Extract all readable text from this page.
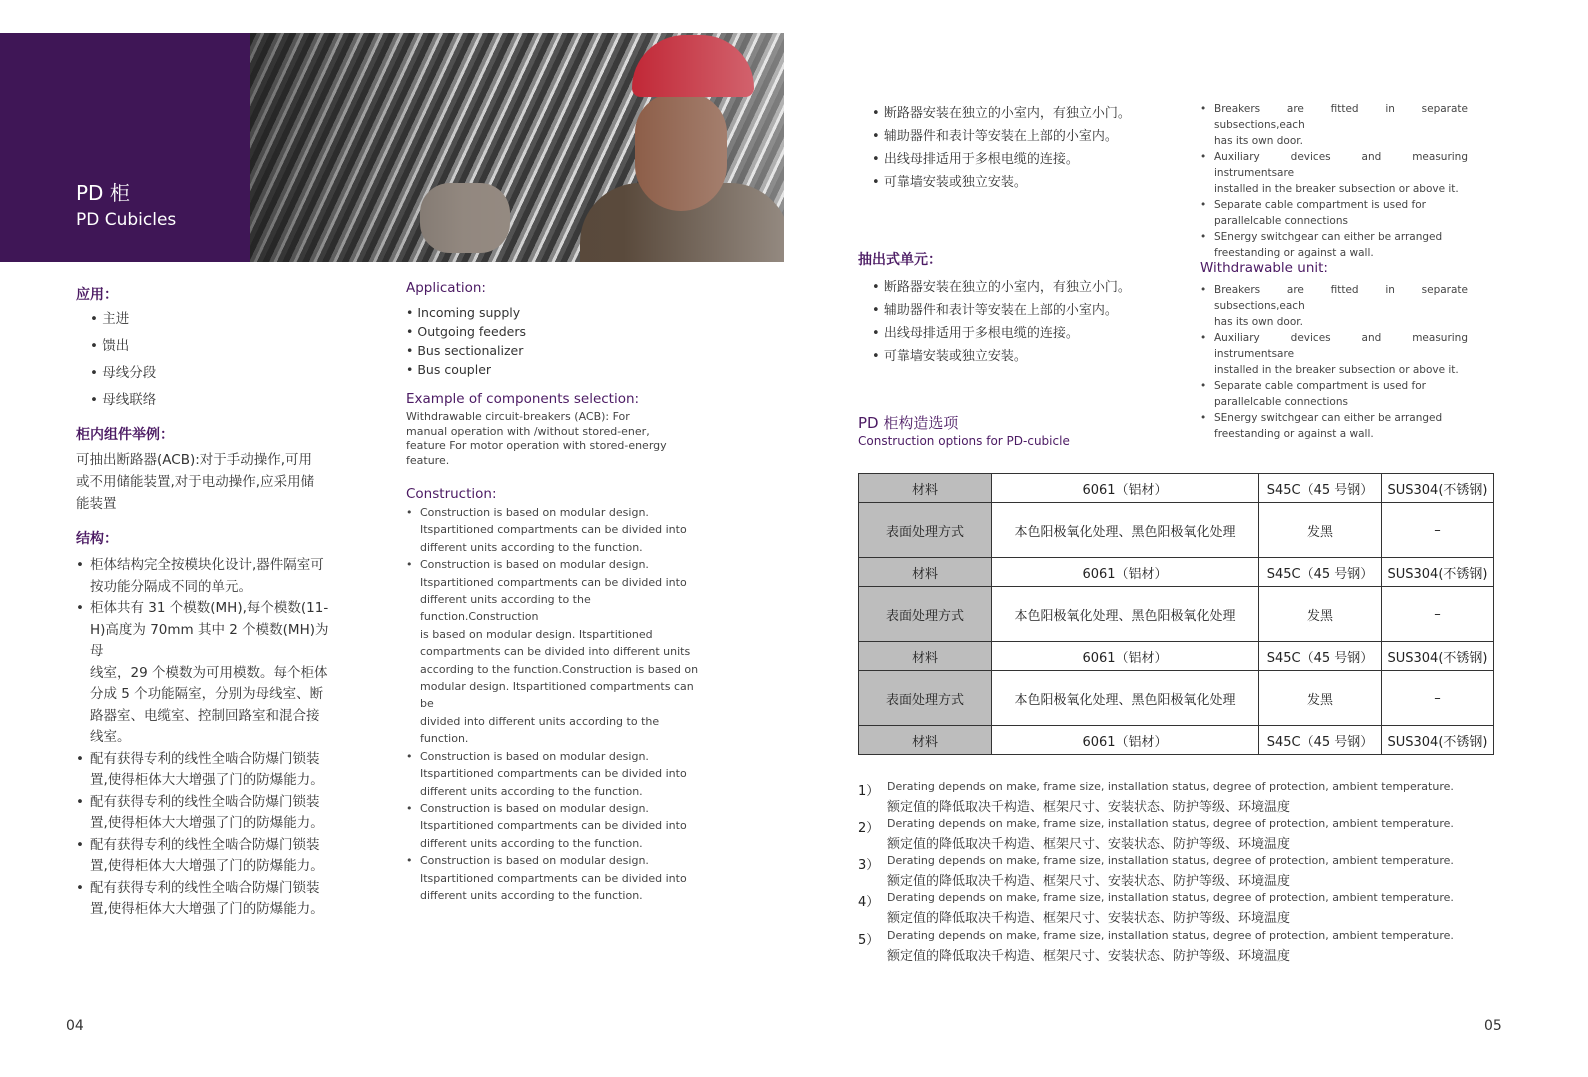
PD 柜
PD Cubicles
应用：
• 主进
• 馈出
• 母线分段
• 母线联络
柜内组件举例：
可抽出断路器(ACB):对于手动操作,可用
或不用储能装置,对于电动操作,应采用储
能装置
结构：
• 柜体结构完全按模块化设计,器件隔室可
按功能分隔成不同的单元。
• 柜体共有 31 个模数(MH),每个模数(11-
H)高度为 70mm 其中 2 个模数(MH)为母
线室，29 个模数为可用模数。每个柜体
分成 5 个功能隔室，分别为母线室、断
路器室、电缆室、控制回路室和混合接
线室。
• 配有获得专利的线性全啮合防爆门锁装
置,使得柜体大大增强了门的防爆能力。
• 配有获得专利的线性全啮合防爆门锁装
置,使得柜体大大增强了门的防爆能力。
• 配有获得专利的线性全啮合防爆门锁装
置,使得柜体大大增强了门的防爆能力。
• 配有获得专利的线性全啮合防爆门锁装
置,使得柜体大大增强了门的防爆能力。
Application:
• Incoming supply
• Outgoing feeders
• Bus sectionalizer
• Bus coupler
Example of components selection:
Withdrawable circuit-breakers (ACB): For
manual operation with /without stored-ener,
feature For motor operation with stored-energy
feature.
Construction:
• Construction is based on modular design.
Itspartitioned compartments can be divided into
different units according to the function.
• Construction is based on modular design.
Itspartitioned compartments can be divided into
different units according to the function.Construction
is based on modular design. Itspartitioned
compartments can be divided into different units
according to the function.Construction is based on
modular design. Itspartitioned compartments can be
divided into different units according to the function.
• Construction is based on modular design.
Itspartitioned compartments can be divided into
different units according to the function.
• Construction is based on modular design.
Itspartitioned compartments can be divided into
different units according to the function.
• Construction is based on modular design.
Itspartitioned compartments can be divided into
different units according to the function.
• 断路器安装在独立的小室内，有独立小门。
• 辅助器件和表计等安装在上部的小室内。
• 出线母排适用于多根电缆的连接。
• 可靠墙安装或独立安装。
• Breakers are fitted in separate subsections,each
has its own door.
• Auxiliary devices and measuring instrumentsare
installed in the breaker subsection or above it.
• Separate cable compartment is used for
parallelcable connections
• SEnergy switchgear can either be arranged
freestanding or against a wall.
抽出式单元：
• 断路器安装在独立的小室内，有独立小门。
• 辅助器件和表计等安装在上部的小室内。
• 出线母排适用于多根电缆的连接。
• 可靠墙安装或独立安装。
Withdrawable unit:
• Breakers are fitted in separate subsections,each
has its own door.
• Auxiliary devices and measuring instrumentsare
installed in the breaker subsection or above it.
• Separate cable compartment is used for
parallelcable connections
• SEnergy switchgear can either be arranged
freestanding or against a wall.
PD 柜构造选项
Construction options for PD-cubicle
材料	6061（铝材）	S45C（45 号钢）	SUS304(不锈钢)
表面处理方式	本色阳极氧化处理、黑色阳极氧化处理	发黑	–
材料	6061（铝材）	S45C（45 号钢）	SUS304(不锈钢)
表面处理方式	本色阳极氧化处理、黑色阳极氧化处理	发黑	–
材料	6061（铝材）	S45C（45 号钢）	SUS304(不锈钢)
表面处理方式	本色阳极氧化处理、黑色阳极氧化处理	发黑	–
材料	6061（铝材）	S45C（45 号钢）	SUS304(不锈钢)
1） Derating depends on make, frame size, installation status, degree of protection, ambient temperature.
额定值的降低取决千构造、框架尺寸、安装状态、防护等级、环境温度
2） Derating depends on make, frame size, installation status, degree of protection, ambient temperature.
额定值的降低取决千构造、框架尺寸、安装状态、防护等级、环境温度
3） Derating depends on make, frame size, installation status, degree of protection, ambient temperature.
额定值的降低取决千构造、框架尺寸、安装状态、防护等级、环境温度
4） Derating depends on make, frame size, installation status, degree of protection, ambient temperature.
额定值的降低取决千构造、框架尺寸、安装状态、防护等级、环境温度
5） Derating depends on make, frame size, installation status, degree of protection, ambient temperature.
额定值的降低取决千构造、框架尺寸、安装状态、防护等级、环境温度
04	05
